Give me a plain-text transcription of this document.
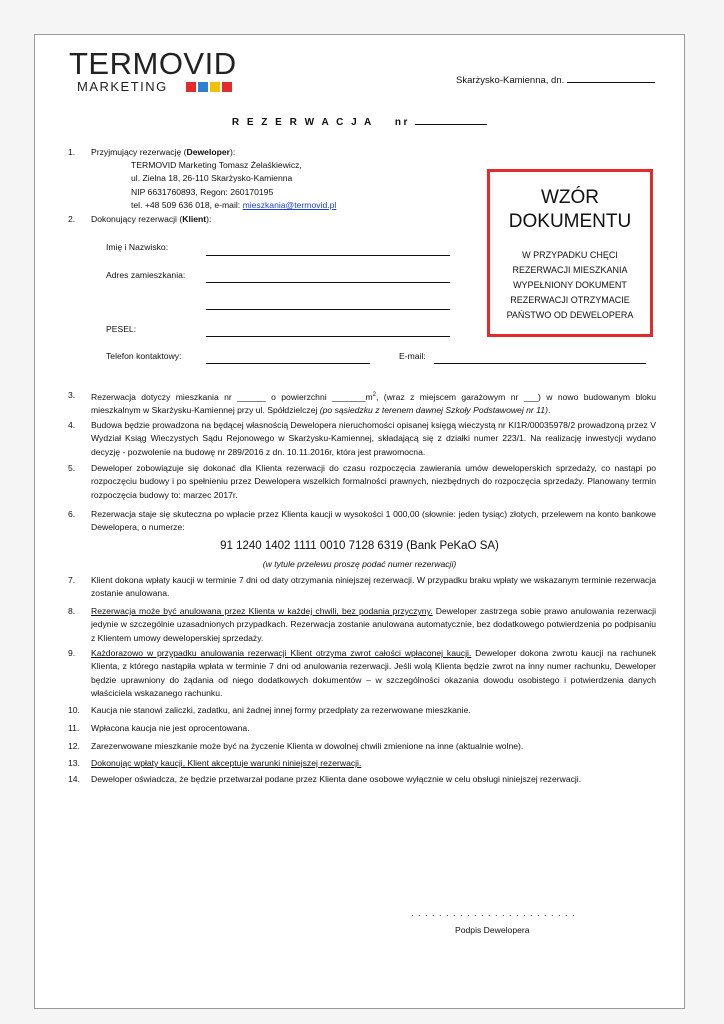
TERMOVID
MARKETING	Skarżysko-Kamienna, dn.
R E Z E R W A C J A nr
1.	Przyjmujący rezerwację (Deweloper):
TERMOVID Marketing Tomasz Żelaśkiewicz,
ul. Zielna 18, 26-110 Skarżysko-Kamienna
NIP 6631760893, Regon: 260170195
tel. +48 509 636 018, e-mail: mieszkania@termovid.pl
2.	Dokonujący rezerwacji (Klient):
Imię i Nazwisko:
Adres zamieszkania:
PESEL:
Telefon kontaktowy:	E-mail:
WZÓR
DOKUMENTU
W PRZYPADKU CHĘCI
REZERWACJI MIESZKANIA
WYPEŁNIONY DOKUMENT
REZERWACJI OTRZYMACIE
PAŃSTWO OD DEWELOPERA
3.	Rezerwacja dotyczy mieszkania nr ______ o powierzchni $\_\_\_\_\_\_\_m^2$, (wraz z miejscem garażowym nr ___) w nowo budowanym bloku mieszkalnym w Skarżysku-Kamiennej przy ul. Spółdzielczej (po sąsiedzku z terenem dawnej Szkoły Podstawowej nr 11).
4.	Budowa będzie prowadzona na będącej własnością Dewelopera nieruchomości opisanej księgą wieczystą nr KI1R/00035978/2 prowadzoną przez V Wydział Ksiąg Wieczystych Sądu Rejonowego w Skarżysku-Kamiennej, składającą się z działki numer 223/1. Na realizację inwestycji wydano decyzję - pozwolenie na budowę nr 289/2016 z dn. 10.11.2016r, która jest prawomocna.
5.	Deweloper zobowiązuje się dokonać dla Klienta rezerwacji do czasu rozpoczęcia zawierania umów deweloperskich sprzedaży, co nastąpi po rozpoczęciu budowy i po spełnieniu przez Dewelopera wszelkich formalności prawnych, niezbędnych do rozpoczęcia sprzedaży. Planowany termin rozpoczęcia budowy to: marzec 2017r.
6.	Rezerwacja staje się skuteczna po wpłacie przez Klienta kaucji w wysokości 1 000,00 (słownie: jeden tysiąc) złotych, przelewem na konto bankowe Dewelopera, o numerze:
91 1240 1402 1111 0010 7128 6319 (Bank PeKaO SA)
(w tytule przelewu proszę podać numer rezerwacji)
7.	Klient dokona wpłaty kaucji w terminie 7 dni od daty otrzymania niniejszej rezerwacji. W przypadku braku wpłaty we wskazanym terminie rezerwacja zostanie anulowana.
8.	Rezerwacja może być anulowana przez Klienta w każdej chwili, bez podania przyczyny. Deweloper zastrzega sobie prawo anulowania rezerwacji jedynie w szczególnie uzasadnionych przypadkach. Rezerwacja zostanie anulowana automatycznie, bez dodatkowego potwierdzenia po podpisaniu z Klientem umowy deweloperskiej sprzedaży.
9.	Każdorazowo w przypadku anulowania rezerwacji Klient otrzyma zwrot całości wpłaconej kaucji. Deweloper dokona zwrotu kaucji na rachunek Klienta, z którego nastąpiła wpłata w terminie 7 dni od anulowania rezerwacji. Jeśli wolą Klienta będzie zwrot na inny numer rachunku, Deweloper będzie uprawniony do żądania od niego dodatkowych dokumentów – w szczególności okazania dowodu osobistego i potwierdzenia danych właściciela wskazanego rachunku.
10.	Kaucja nie stanowi zaliczki, zadatku, ani żadnej innej formy przedpłaty za rezerwowane mieszkanie.
11.	Wpłacona kaucja nie jest oprocentowana.
12.	Zarezerwowane mieszkanie może być na życzenie Klienta w dowolnej chwili zmienione na inne (aktualnie wolne).
13.	Dokonując wpłaty kaucji, Klient akceptuje warunki niniejszej rezerwacji.
14.	Deweloper oświadcza, że będzie przetwarzał podane przez Klienta dane osobowe wyłącznie w celu obsługi niniejszej rezerwacji.
. . . . . . . . . . . . . . . . . . . . . . . .
Podpis Dewelopera
